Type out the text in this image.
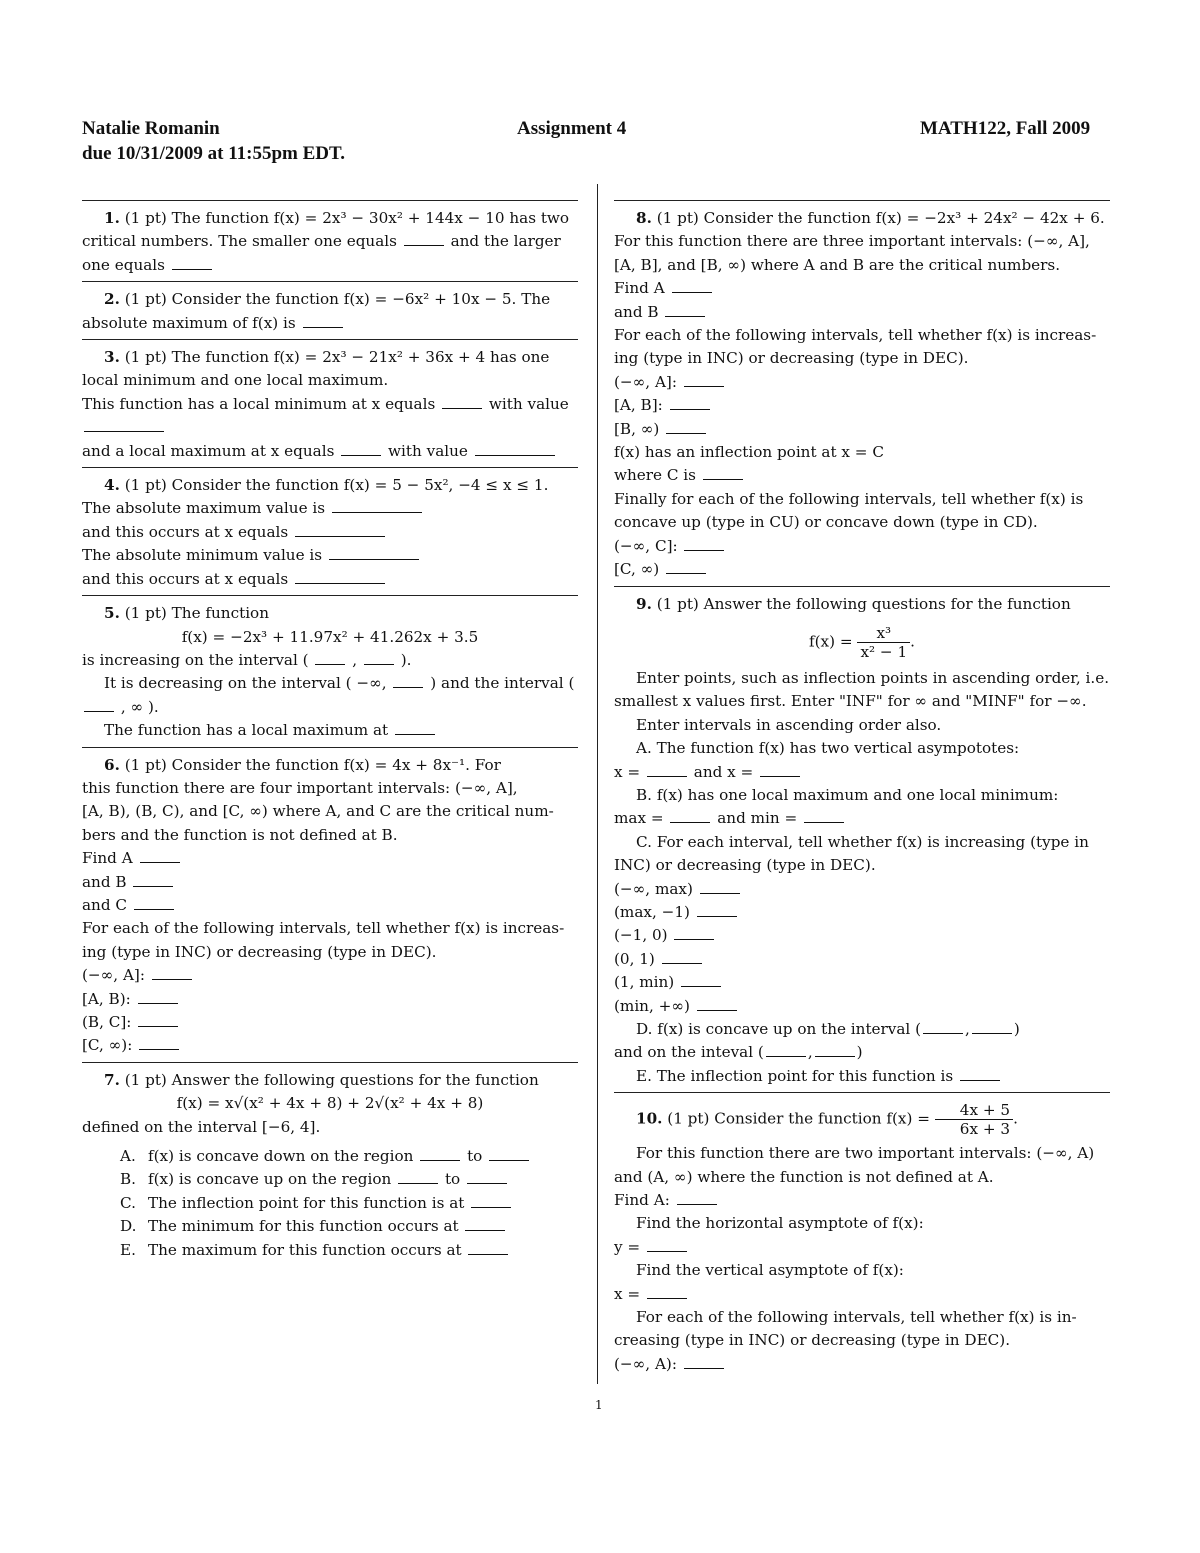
Natalie Romanin	Assignment 4	MATH122, Fall 2009
due 10/31/2009 at 11:55pm EDT.

1. (1 pt) The function f(x) = 2x³ − 30x² + 144x − 10 has two

critical numbers. The smaller one equals	and the larger

one equals

2. (1 pt) Consider the function f(x) = −6x² + 10x − 5. The

absolute maximum of f(x) is

3. (1 pt) The function f(x) = 2x³ − 21x² + 36x + 4 has one

local minimum and one local maximum.

This function has a local minimum at x equals	with value

and a local maximum at x equals	with value

4. (1 pt) Consider the function f(x) = 5 − 5x², −4 ≤ x ≤ 1.

The absolute maximum value is

and this occurs at x equals

The absolute minimum value is

and this occurs at x equals

5. (1 pt) The function

f(x) = −2x³ + 11.97x² + 41.262x + 3.5

is increasing on the interval (	,	).

It is decreasing on the interval ( −∞,	) and the interval (

, ∞ ).

The function has a local maximum at

6. (1 pt) Consider the function f(x) = 4x + 8x⁻¹. For

this function there are four important intervals: (−∞, A],

[A, B), (B, C), and [C, ∞) where A, and C are the critical num-

bers and the function is not defined at B.

Find A

and B

and C

For each of the following intervals, tell whether f(x) is increas-

ing (type in INC) or decreasing (type in DEC).

(−∞, A]:

[A, B):

(B, C]:

[C, ∞):

7. (1 pt) Answer the following questions for the function

f(x) = x√(x² + 4x + 8) + 2√(x² + 4x + 8)

defined on the interval [−6, 4].

A. f(x) is concave down on the region	to

B. f(x) is concave up on the region	to

C. The inflection point for this function is at

D. The minimum for this function occurs at

E. The maximum for this function occurs at

8. (1 pt) Consider the function f(x) = −2x³ + 24x² − 42x + 6.

For this function there are three important intervals: (−∞, A],

[A, B], and [B, ∞) where A and B are the critical numbers.

Find A

and B

For each of the following intervals, tell whether f(x) is increas-

ing (type in INC) or decreasing (type in DEC).

(−∞, A]:

[A, B]:

[B, ∞)

f(x) has an inflection point at x = C

where C is

Finally for each of the following intervals, tell whether f(x) is

concave up (type in CU) or concave down (type in CD).

(−∞, C]:

[C, ∞)

9. (1 pt) Answer the following questions for the function

$f(x) = \frac{\text{x³}}{\text{x² − 1}}$ .

Enter points, such as inflection points in ascending order, i.e.

smallest x values first. Enter "INF" for ∞ and "MINF" for −∞.

Enter intervals in ascending order also.

A. The function f(x) has two vertical asympototes:

x =	and x =

B. f(x) has one local maximum and one local minimum:

max =	and min =

C. For each interval, tell whether f(x) is increasing (type in

INC) or decreasing (type in DEC).

(−∞, max)

(max, −1)

(−1, 0)

(0, 1)

(1, min)

(min, +∞)

D. f(x) is concave up on the interval (	,	)

and on the inteval (	,	)

E. The inflection point for this function is

10. (1 pt) Consider the function $f(x) = \frac{4x + 5}{6x + 3}$ .

For this function there are two important intervals: (−∞, A)

and (A, ∞) where the function is not defined at A.

Find A:

Find the horizontal asymptote of f(x):

y =

Find the vertical asymptote of f(x):

x =

For each of the following intervals, tell whether f(x) is in-

creasing (type in INC) or decreasing (type in DEC).

(−∞, A):

1
